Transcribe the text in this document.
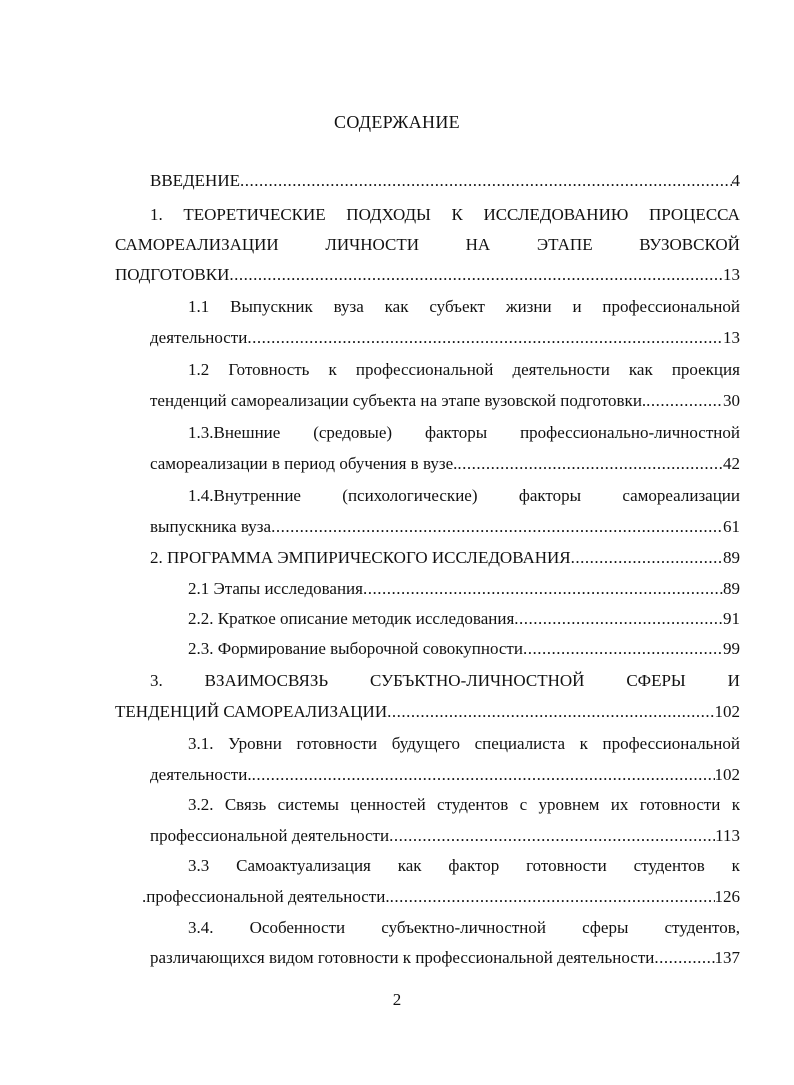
СОДЕРЖАНИЕ
ВВЕДЕНИЕ .....	4
1. ТЕОРЕТИЧЕСКИЕ ПОДХОДЫ К ИССЛЕДОВАНИЮ ПРОЦЕССА
САМОРЕАЛИЗАЦИИ	ЛИЧНОСТИ	НА	ЭТАПЕ	ВУЗОВСКОЙ
ПОДГОТОВКИ .....	13
1.1 Выпускник вуза как субъект жизни и профессиональной
деятельности .....	13
1.2 Готовность к профессиональной деятельности как проекция
тенденций самореализации субъекта на этапе вузовской подготовки. .....	30
1.3.Внешние (средовые) факторы профессионально-личностной
самореализации в период обучения в вузе. .....	42
1.4.Внутренние (психологические) факторы самореализации
выпускника вуза .....	61
2. ПРОГРАММА ЭМПИРИЧЕСКОГО ИССЛЕДОВАНИЯ .....	89
2.1 Этапы исследования .....	89
2.2. Краткое описание методик исследования .....	91
2.3. Формирование выборочной совокупности .....	99
3. ВЗАИМОСВЯЗЬ СУБЪКТНО-ЛИЧНОСТНОЙ СФЕРЫ И
ТЕНДЕНЦИЙ САМОРЕАЛИЗАЦИИ .....	102
3.1. Уровни готовности будущего специалиста к профессиональной
деятельности. .....	102
3.2. Связь системы ценностей студентов с уровнем их готовности к
профессиональной деятельности .....	113
3.3 Самоактуализация как фактор готовности студентов к
.профессиональной деятельности. .....	126
3.4. Особенности субъектно-личностной сферы студентов,
различающихся видом готовности к профессиональной деятельности .....	137
2
